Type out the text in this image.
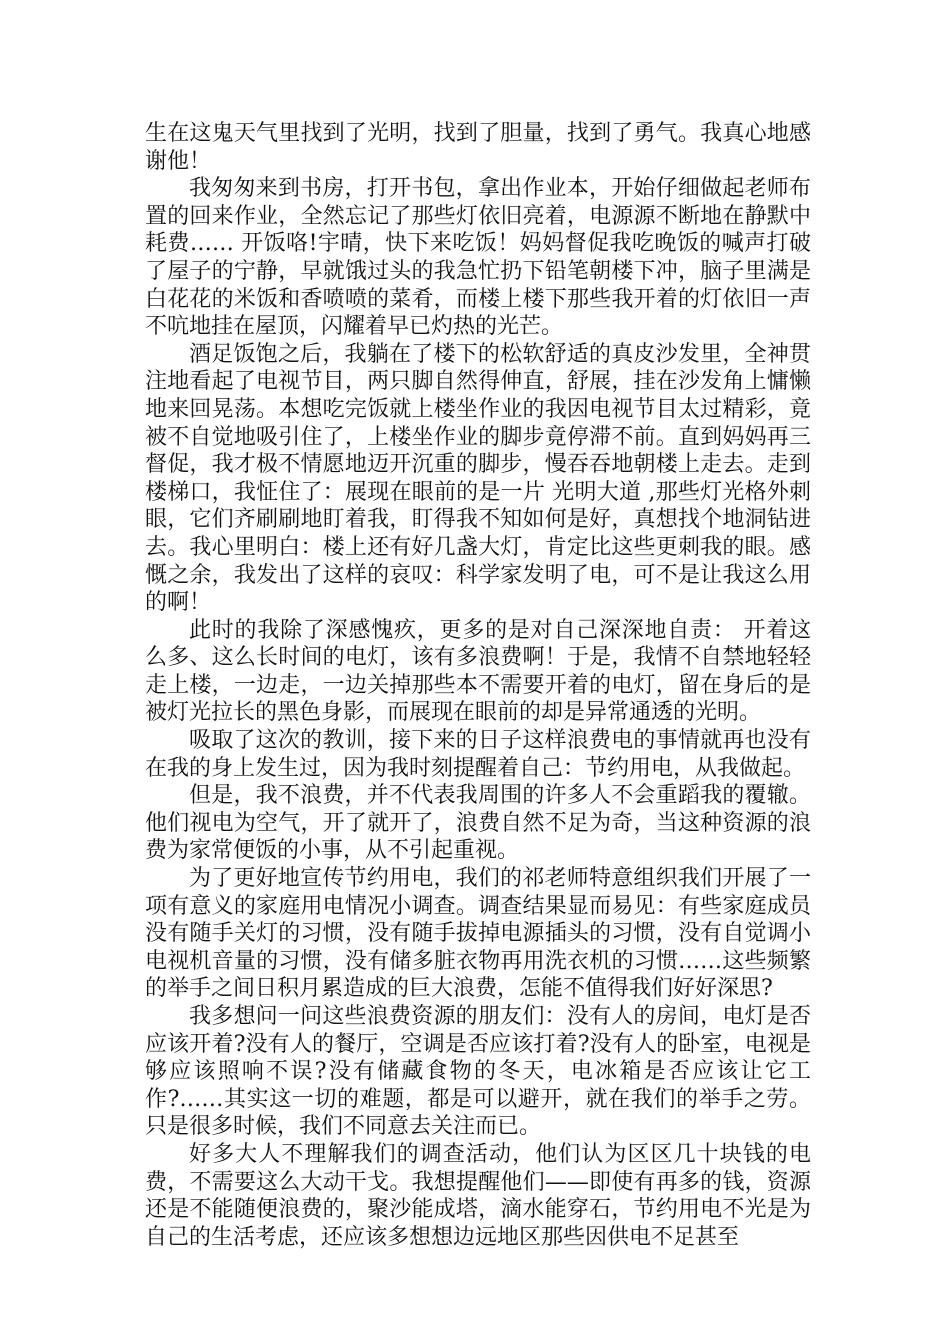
生在这鬼天气里找到了光明，找到了胆量，找到了勇气。我真心地感谢他！

我匆匆来到书房，打开书包，拿出作业本，开始仔细做起老师布置的回来作业，全然忘记了那些灯依旧亮着，电源源不断地在静默中耗费…… 开饭咯!宇晴，快下来吃饭！妈妈督促我吃晚饭的喊声打破了屋子的宁静，早就饿过头的我急忙扔下铅笔朝楼下冲，脑子里满是白花花的米饭和香喷喷的菜肴，而楼上楼下那些我开着的灯依旧一声不吭地挂在屋顶，闪耀着早已灼热的光芒。

酒足饭饱之后，我躺在了楼下的松软舒适的真皮沙发里，全神贯注地看起了电视节目，两只脚自然得伸直，舒展，挂在沙发角上慵懒地来回晃荡。本想吃完饭就上楼坐作业的我因电视节目太过精彩，竟被不自觉地吸引住了，上楼坐作业的脚步竟停滞不前。直到妈妈再三督促，我才极不情愿地迈开沉重的脚步，慢吞吞地朝楼上走去。走到楼梯口，我怔住了：展现在眼前的是一片 光明大道 ,那些灯光格外刺眼，它们齐刷刷地盯着我，盯得我不知如何是好，真想找个地洞钻进去。我心里明白：楼上还有好几盏大灯，肯定比这些更刺我的眼。感慨之余，我发出了这样的哀叹：科学家发明了电，可不是让我这么用的啊！

此时的我除了深感愧疚，更多的是对自己深深地自责： 开着这么多、这么长时间的电灯，该有多浪费啊！于是，我情不自禁地轻轻走上楼，一边走，一边关掉那些本不需要开着的电灯，留在身后的是被灯光拉长的黑色身影，而展现在眼前的却是异常通透的光明。

吸取了这次的教训，接下来的日子这样浪费电的事情就再也没有在我的身上发生过，因为我时刻提醒着自己：节约用电，从我做起。

但是，我不浪费，并不代表我周围的许多人不会重蹈我的覆辙。他们视电为空气，开了就开了，浪费自然不足为奇，当这种资源的浪费为家常便饭的小事，从不引起重视。

为了更好地宣传节约用电，我们的祁老师特意组织我们开展了一项有意义的家庭用电情况小调查。调查结果显而易见：有些家庭成员没有随手关灯的习惯，没有随手拔掉电源插头的习惯，没有自觉调小电视机音量的习惯，没有储多脏衣物再用洗衣机的习惯……这些频繁的举手之间日积月累造成的巨大浪费，怎能不值得我们好好深思?

我多想问一问这些浪费资源的朋友们：没有人的房间，电灯是否应该开着?没有人的餐厅，空调是否应该打着?没有人的卧室，电视是够应该照响不误?没有储藏食物的冬天，电冰箱是否应该让它工作?……其实这一切的难题，都是可以避开，就在我们的举手之劳。只是很多时候，我们不同意去关注而已。

好多大人不理解我们的调查活动，他们认为区区几十块钱的电费，不需要这么大动干戈。我想提醒他们——即使有再多的钱，资源还是不能随便浪费的，聚沙能成塔，滴水能穿石，节约用电不光是为自己的生活考虑，还应该多想想边远地区那些因供电不足甚至
